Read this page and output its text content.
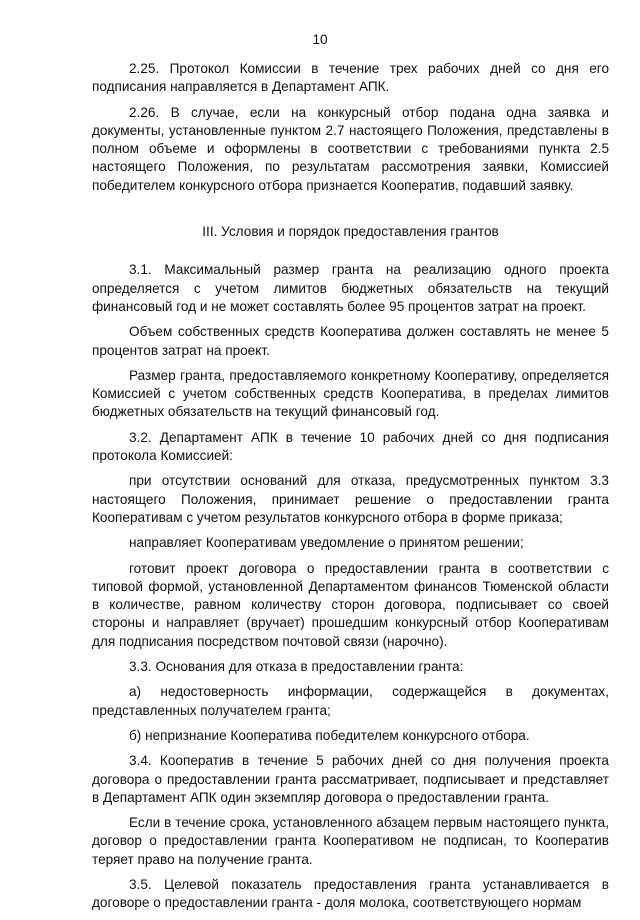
10

2.25. Протокол Комиссии в течение трех рабочих дней со дня его подписания направляется в Департамент АПК.

2.26. В случае, если на конкурсный отбор подана одна заявка и документы, установленные пунктом 2.7 настоящего Положения, представлены в полном объеме и оформлены в соответствии с требованиями пункта 2.5 настоящего Положения, по результатам рассмотрения заявки, Комиссией победителем конкурсного отбора признается Кооператив, подавший заявку.

III. Условия и порядок предоставления грантов

3.1. Максимальный размер гранта на реализацию одного проекта определяется с учетом лимитов бюджетных обязательств на текущий финансовый год и не может составлять более 95 процентов затрат на проект.

Объем собственных средств Кооператива должен составлять не менее 5 процентов затрат на проект.

Размер гранта, предоставляемого конкретному Кооперативу, определяется Комиссией с учетом собственных средств Кооператива, в пределах лимитов бюджетных обязательств на текущий финансовый год.

3.2. Департамент АПК в течение 10 рабочих дней со дня подписания протокола Комиссией:

при отсутствии оснований для отказа, предусмотренных пунктом 3.3 настоящего Положения, принимает решение о предоставлении гранта Кооперативам с учетом результатов конкурсного отбора в форме приказа;

направляет Кооперативам уведомление о принятом решении;

готовит проект договора о предоставлении гранта в соответствии с типовой формой, установленной Департаментом финансов Тюменской области в количестве, равном количеству сторон договора, подписывает со своей стороны и направляет (вручает) прошедшим конкурсный отбор Кооперативам для подписания посредством почтовой связи (нарочно).

3.3. Основания для отказа в предоставлении гранта:

а) недостоверность информации, содержащейся в документах, представленных получателем гранта;

б) непризнание Кооператива победителем конкурсного отбора.

3.4. Кооператив в течение 5 рабочих дней со дня получения проекта договора о предоставлении гранта рассматривает, подписывает и представляет в Департамент АПК один экземпляр договора о предоставлении гранта.

Если в течение срока, установленного абзацем первым настоящего пункта, договор о предоставлении гранта Кооперативом не подписан, то Кооператив теряет право на получение гранта.

3.5. Целевой показатель предоставления гранта устанавливается в договоре о предоставлении гранта - доля молока, соответствующего нормам
